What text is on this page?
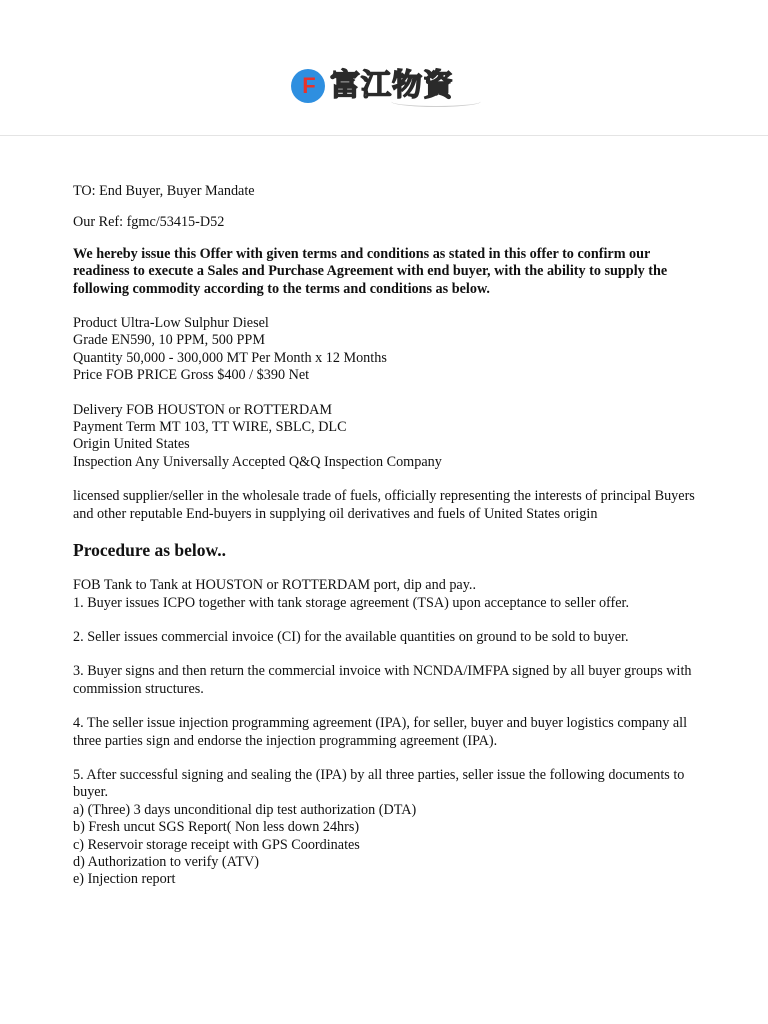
F 富江物資

TO: End Buyer, Buyer Mandate

Our Ref: fgmc/53415-D52

We hereby issue this Offer with given terms and conditions as stated in this offer to confirm our readiness to execute a Sales and Purchase Agreement with end buyer, with the ability to supply the following commodity according to the terms and conditions as below.

Product Ultra-Low Sulphur Diesel

Grade EN590, 10 PPM, 500 PPM

Quantity 50,000 - 300,000 MT Per Month x 12 Months

Price FOB PRICE Gross $400 / $390 Net

Delivery FOB HOUSTON or ROTTERDAM

Payment Term MT 103, TT WIRE, SBLC, DLC

Origin United States

Inspection Any Universally Accepted Q&Q Inspection Company

licensed supplier/seller in the wholesale trade of fuels, officially representing the interests of principal Buyers and other reputable End-buyers in supplying oil derivatives and fuels of United States origin

Procedure as below..

FOB Tank to Tank at HOUSTON or ROTTERDAM port, dip and pay..

1. Buyer issues ICPO together with tank storage agreement (TSA) upon acceptance to seller offer.

2. Seller issues commercial invoice (CI) for the available quantities on ground to be sold to buyer.

3. Buyer signs and then return the commercial invoice with NCNDA/IMFPA signed by all buyer groups with commission structures.

4. The seller issue injection programming agreement (IPA), for seller, buyer and buyer logistics company all three parties sign and endorse the injection programming agreement (IPA).

5. After successful signing and sealing the (IPA) by all three parties, seller issue the following documents to buyer.

a) (Three) 3 days unconditional dip test authorization (DTA)

b) Fresh uncut SGS Report( Non less down 24hrs)

c) Reservoir storage receipt with GPS Coordinates

d) Authorization to verify (ATV)

e) Injection report
